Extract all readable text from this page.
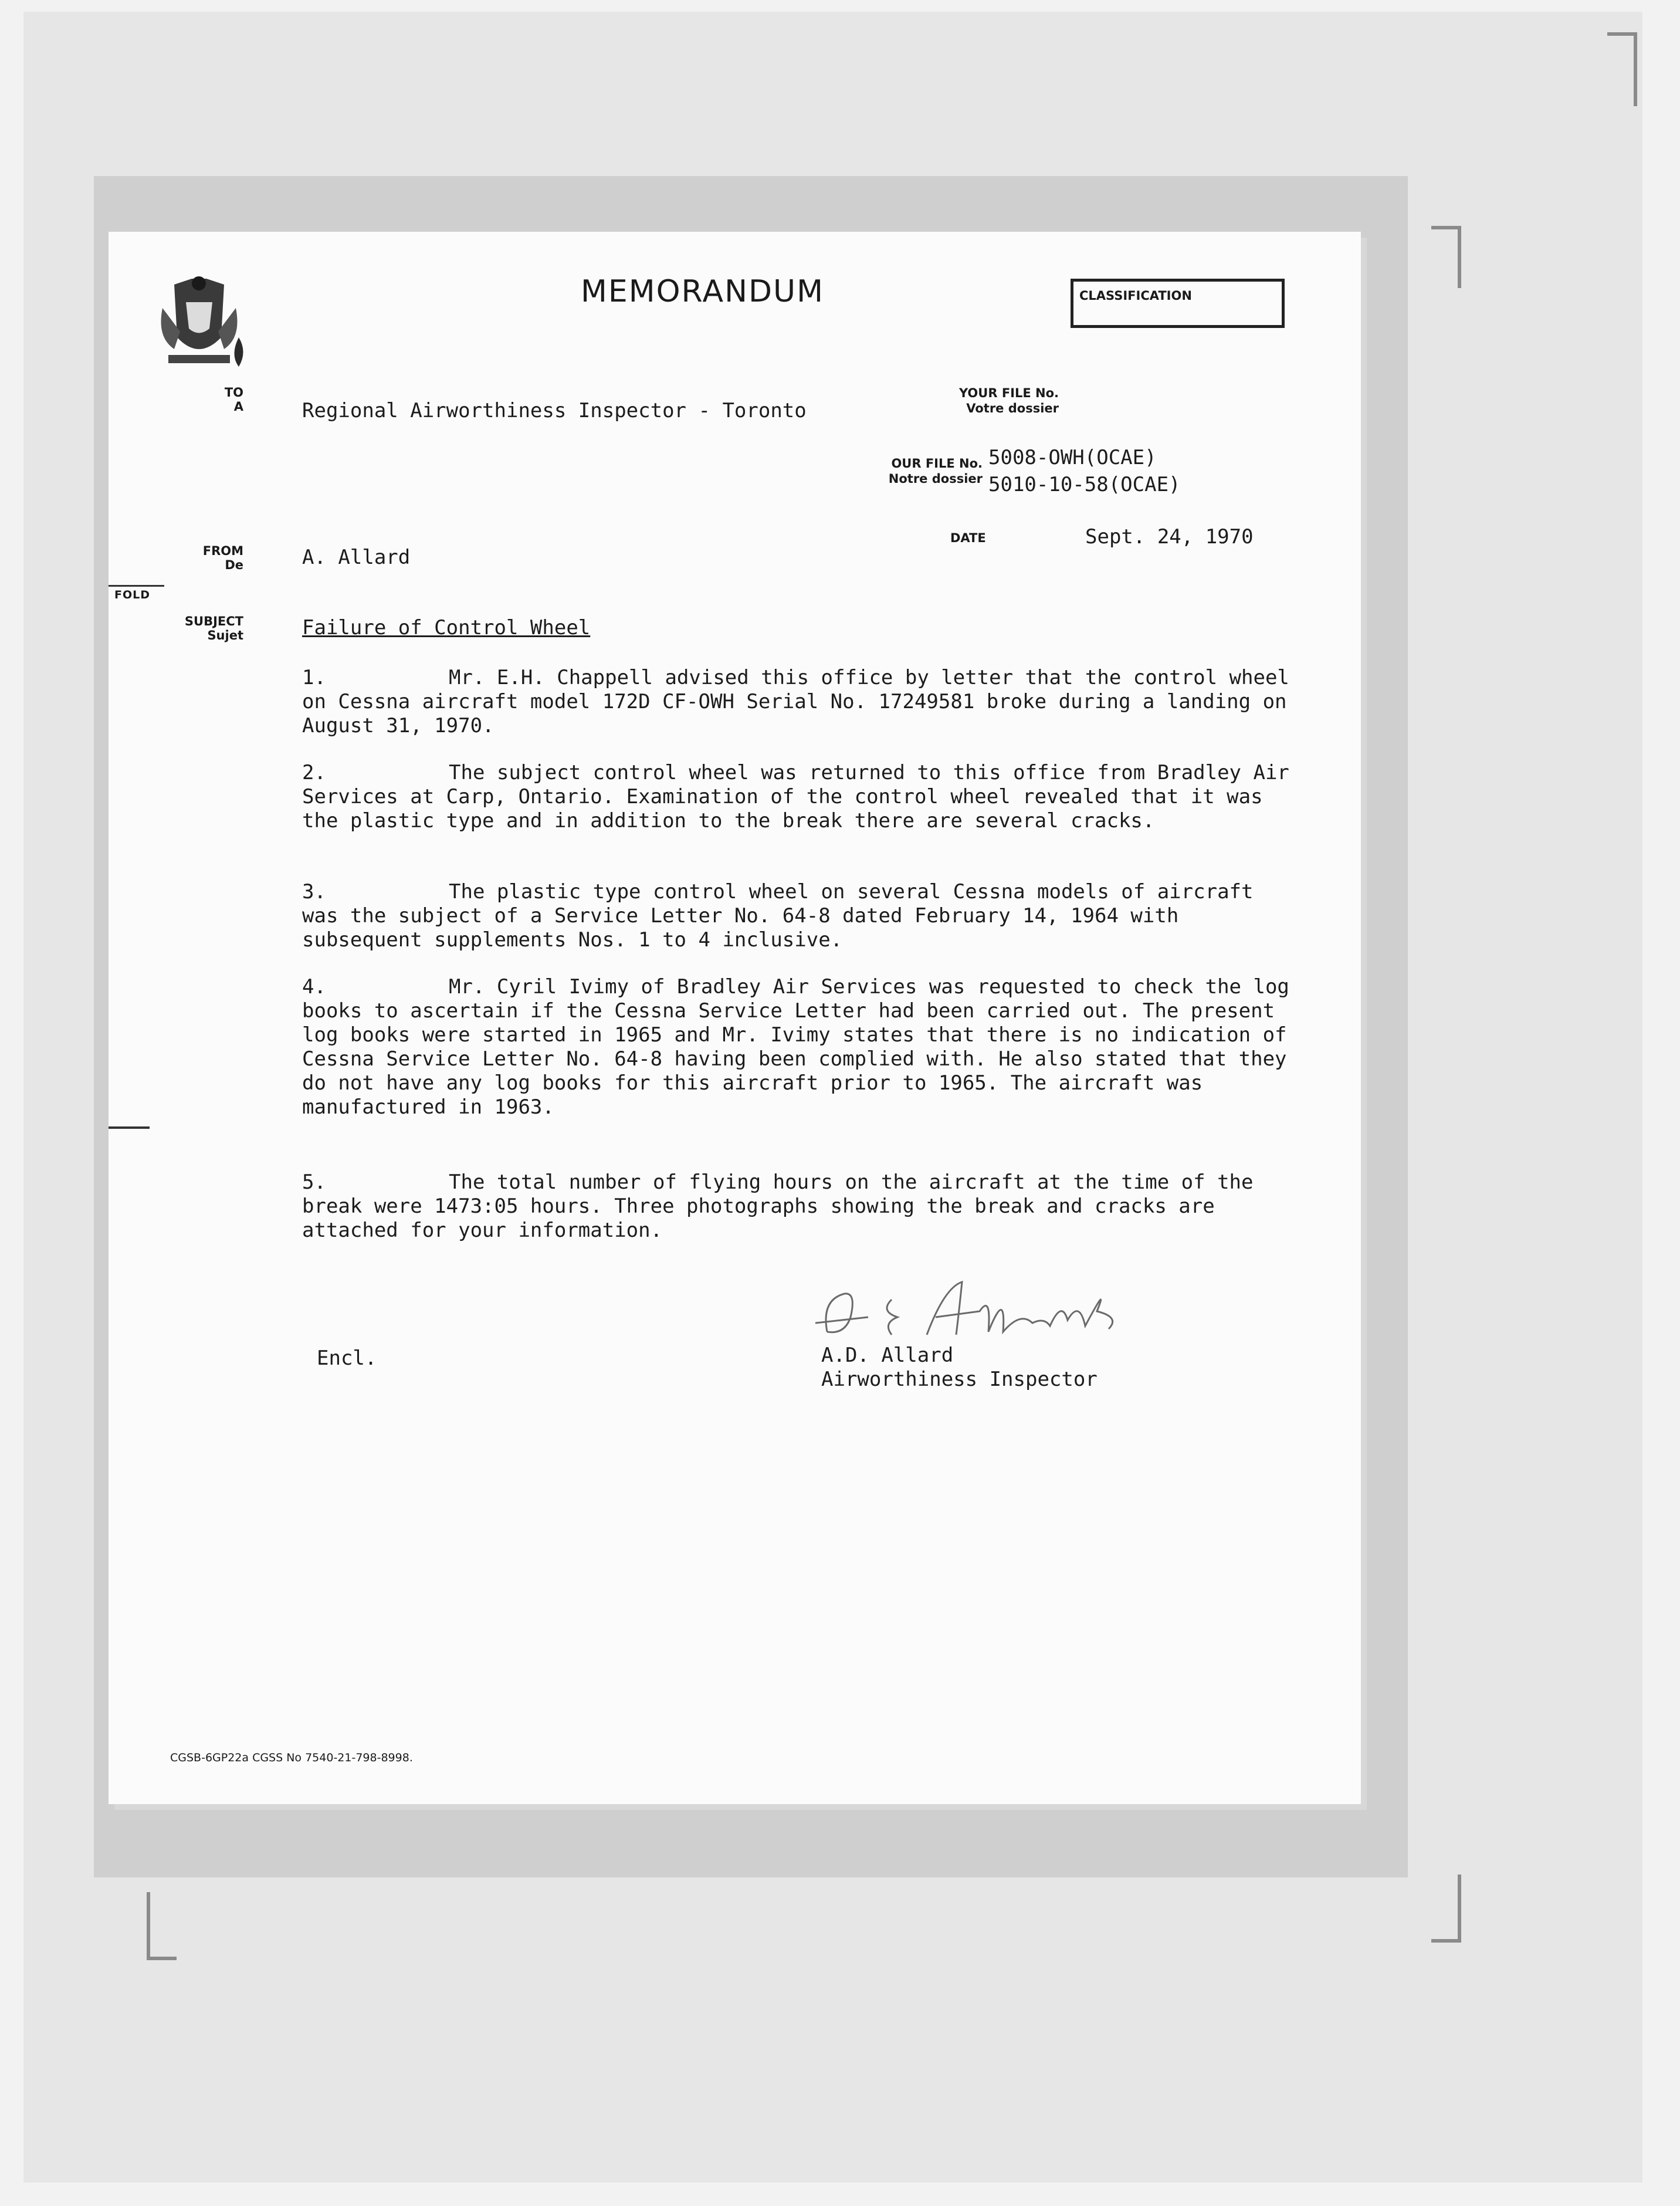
MEMORANDUM	CLASSIFICATION
TO
A	Regional Airworthiness Inspector - Toronto
YOUR FILE No.
Votre dossier
OUR FILE No.
Notre dossier
5008-OWH(OCAE)
5010-10-58(OCAE)
DATE	Sept. 24, 1970
FROM
De	A. Allard
FOLD
SUBJECT
Sujet	Failure of Control Wheel
1.	Mr. E.H. Chappell advised this office by letter that the control wheel on Cessna aircraft model 172D CF-OWH Serial No. 17249581 broke during a landing on August 31, 1970.
2.	The subject control wheel was returned to this office from Bradley Air Services at Carp, Ontario. Examination of the control wheel revealed that it was the plastic type and in addition to the break there are several cracks.
3.	The plastic type control wheel on several Cessna models of aircraft was the subject of a Service Letter No. 64-8 dated February 14, 1964 with subsequent supplements Nos. 1 to 4 inclusive.
4.	Mr. Cyril Ivimy of Bradley Air Services was requested to check the log books to ascertain if the Cessna Service Letter had been carried out. The present log books were started in 1965 and Mr. Ivimy states that there is no indication of Cessna Service Letter No. 64-8 having been complied with. He also stated that they do not have any log books for this aircraft prior to 1965. The aircraft was manufactured in 1963.
5.	The total number of flying hours on the aircraft at the time of the break were 1473:05 hours. Three photographs showing the break and cracks are attached for your information.
Encl.	A.D. Allard
Airworthiness Inspector
CGSB-6GP22a CGSS No 7540-21-798-8998.
